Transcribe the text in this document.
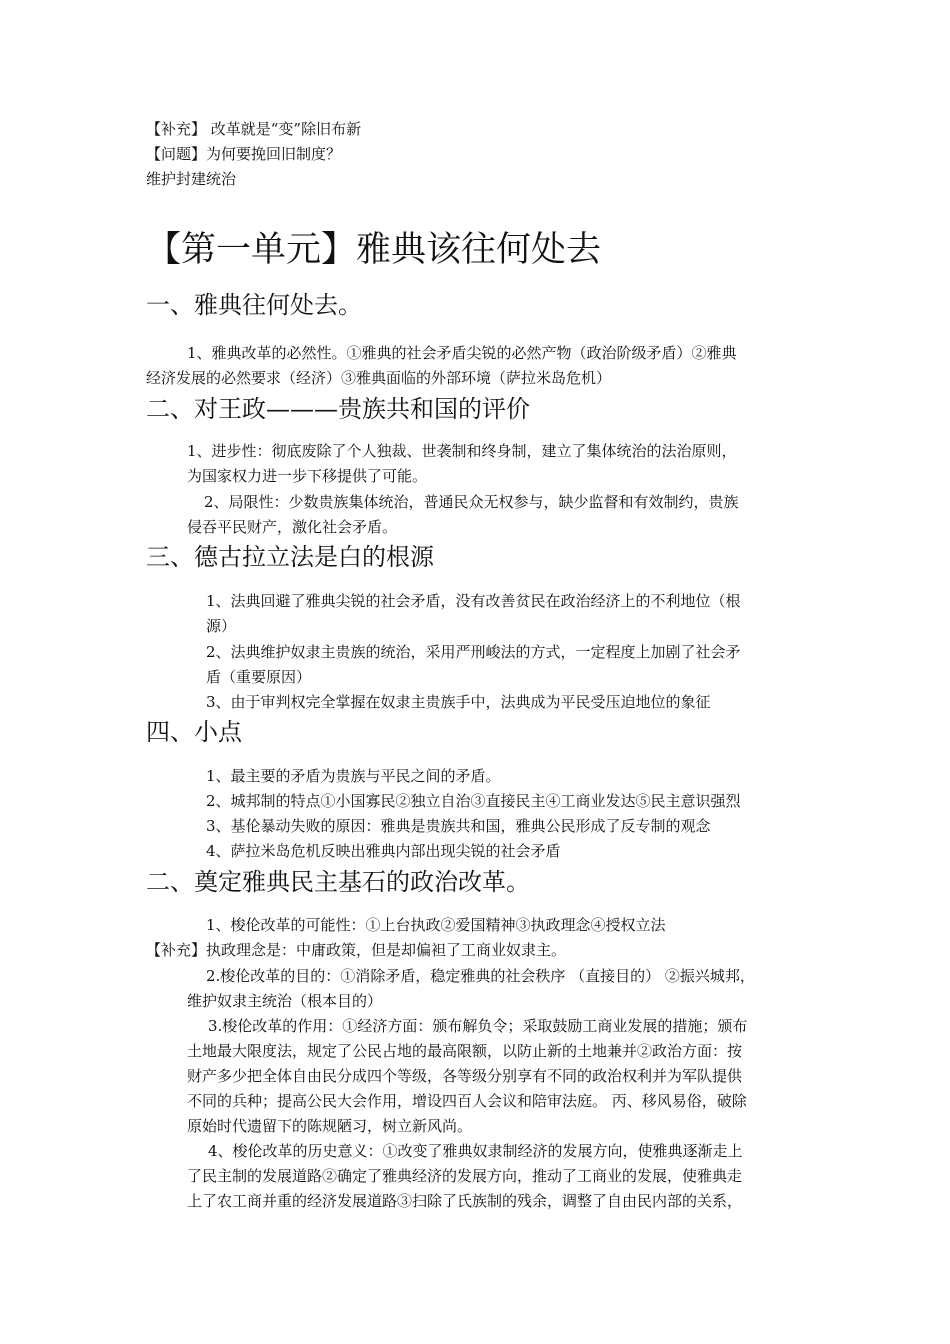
【补充】 改革就是“变”除旧布新
【问题】为何要挽回旧制度？
维护封建统治
【第一单元】雅典该往何处去
一、雅典往何处去。
1、雅典改革的必然性。①雅典的社会矛盾尖锐的必然产物（政治阶级矛盾）②雅典
经济发展的必然要求（经济）③雅典面临的外部环境（萨拉米岛危机）
二、对王政———贵族共和国的评价
1、进步性：彻底废除了个人独裁、世袭制和终身制，建立了集体统治的法治原则，
为国家权力进一步下移提供了可能。
2、局限性：少数贵族集体统治，普通民众无权参与，缺少监督和有效制约，贵族
侵吞平民财产，激化社会矛盾。
三、德古拉立法是白的根源
1、法典回避了雅典尖锐的社会矛盾，没有改善贫民在政治经济上的不利地位（根
源）
2、法典维护奴隶主贵族的统治，采用严刑峻法的方式，一定程度上加剧了社会矛
盾（重要原因）
3、由于审判权完全掌握在奴隶主贵族手中，法典成为平民受压迫地位的象征
四、小点
1、最主要的矛盾为贵族与平民之间的矛盾。
2、城邦制的特点①小国寡民②独立自治③直接民主④工商业发达⑤民主意识强烈
3、基伦暴动失败的原因：雅典是贵族共和国，雅典公民形成了反专制的观念
4、萨拉米岛危机反映出雅典内部出现尖锐的社会矛盾
二、奠定雅典民主基石的政治改革。
1、梭伦改革的可能性：①上台执政②爱国精神③执政理念④授权立法
【补充】执政理念是：中庸政策，但是却偏袒了工商业奴隶主。
2.梭伦改革的目的：①消除矛盾，稳定雅典的社会秩序 （直接目的） ②振兴城邦，
维护奴隶主统治（根本目的）
3.梭伦改革的作用：①经济方面：颁布解负令；采取鼓励工商业发展的措施；颁布
土地最大限度法，规定了公民占地的最高限额，以防止新的土地兼并②政治方面：按
财产多少把全体自由民分成四个等级，各等级分别享有不同的政治权利并为军队提供
不同的兵种；提高公民大会作用，增设四百人会议和陪审法庭。 丙、移风易俗，破除
原始时代遗留下的陈规陋习，树立新风尚。
4、梭伦改革的历史意义：①改变了雅典奴隶制经济的发展方向，使雅典逐渐走上
了民主制的发展道路②确定了雅典经济的发展方向，推动了工商业的发展，使雅典走
上了农工商并重的经济发展道路③扫除了氏族制的残余，调整了自由民内部的关系，
